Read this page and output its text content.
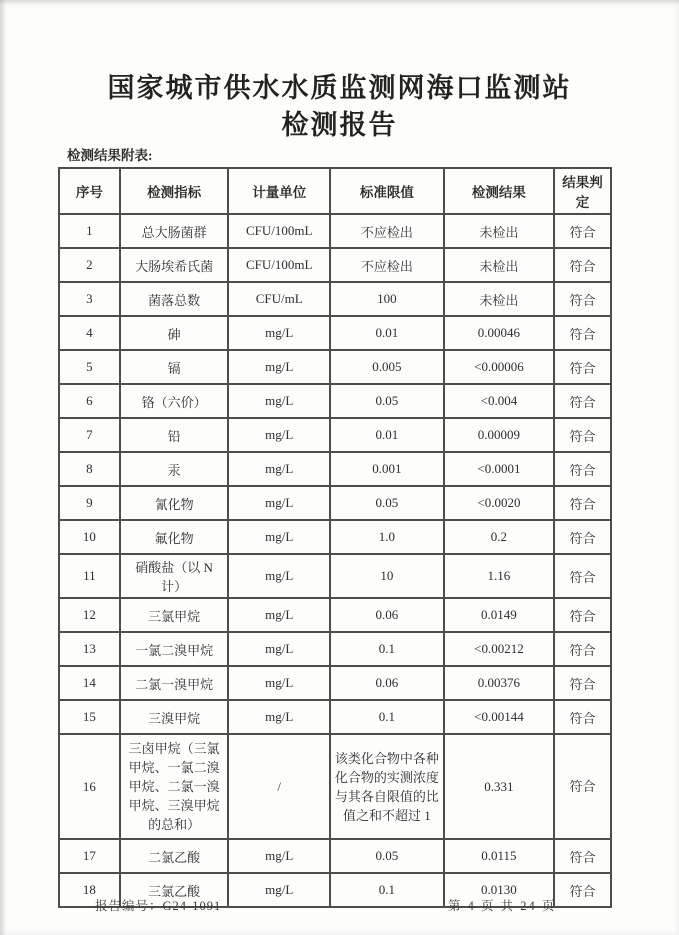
国家城市供水水质监测网海口监测站
检测报告
检测结果附表:
序号	检测指标	计量单位	标准限值	检测结果	结果判定
1	总大肠菌群	CFU/100mL	不应检出	未检出	符合
2	大肠埃希氏菌	CFU/100mL	不应检出	未检出	符合
3	菌落总数	CFU/mL	100	未检出	符合
4	砷	mg/L	0.01	0.00046	符合
5	镉	mg/L	0.005	<0.00006	符合
6	铬（六价）	mg/L	0.05	<0.004	符合
7	铅	mg/L	0.01	0.00009	符合
8	汞	mg/L	0.001	<0.0001	符合
9	氰化物	mg/L	0.05	<0.0020	符合
10	氟化物	mg/L	1.0	0.2	符合
11	硝酸盐（以 N 计）	mg/L	10	1.16	符合
12	三氯甲烷	mg/L	0.06	0.0149	符合
13	一氯二溴甲烷	mg/L	0.1	<0.00212	符合
14	二氯一溴甲烷	mg/L	0.06	0.00376	符合
15	三溴甲烷	mg/L	0.1	<0.00144	符合
16	三卤甲烷（三氯甲烷、一氯二溴甲烷、二氯一溴甲烷、三溴甲烷的总和）	/	该类化合物中各种化合物的实测浓度与其各自限值的比值之和不超过 1	0.331	符合
17	二氯乙酸	mg/L	0.05	0.0115	符合
18	三氯乙酸	mg/L	0.1	0.0130	符合
报告编号：G24-1091	第 4 页 共 24 页
